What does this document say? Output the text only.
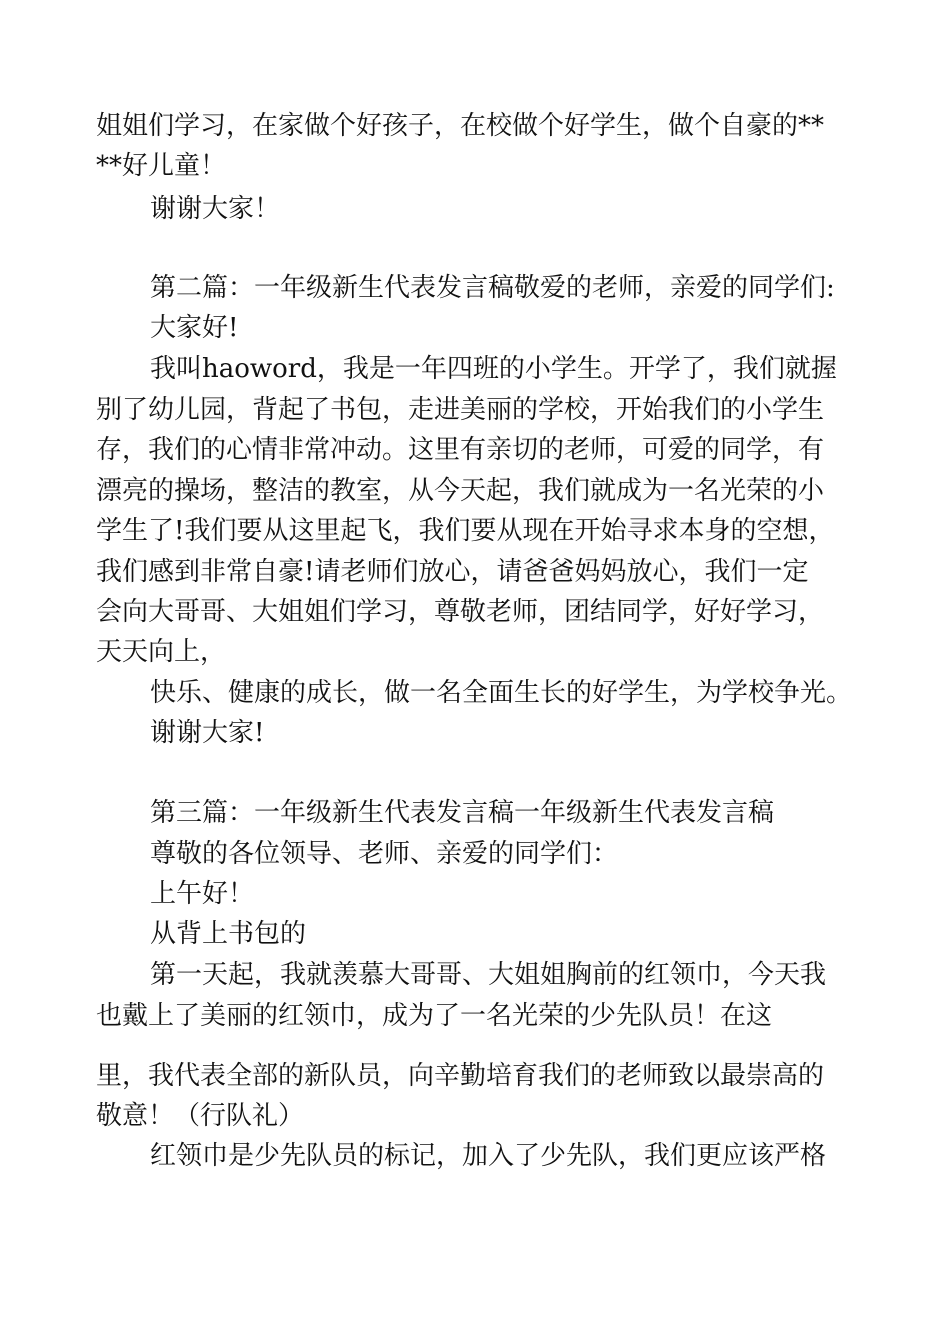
姐姐们学习，在家做个好孩子，在校做个好学生，做个自豪的**

**好儿童！

谢谢大家！

第二篇：一年级新生代表发言稿敬爱的老师，亲爱的同学们:

大家好!

我叫haoword，我是一年四班的小学生。开学了，我们就握

别了幼儿园，背起了书包，走进美丽的学校，开始我们的小学生

存，我们的心情非常冲动。这里有亲切的老师，可爱的同学，有

漂亮的操场，整洁的教室，从今天起，我们就成为一名光荣的小

学生了!我们要从这里起飞，我们要从现在开始寻求本身的空想，

我们感到非常自豪!请老师们放心，请爸爸妈妈放心，我们一定

会向大哥哥、大姐姐们学习，尊敬老师，团结同学，好好学习，

天天向上，

快乐、健康的成长，做一名全面生长的好学生，为学校争光。

谢谢大家!

第三篇：一年级新生代表发言稿一年级新生代表发言稿

尊敬的各位领导、老师、亲爱的同学们：

上午好！

从背上书包的

第一天起，我就羡慕大哥哥、大姐姐胸前的红领巾，今天我

也戴上了美丽的红领巾，成为了一名光荣的少先队员！在这

里，我代表全部的新队员，向辛勤培育我们的老师致以最崇高的

敬意！（行队礼）

红领巾是少先队员的标记，加入了少先队，我们更应该严格
